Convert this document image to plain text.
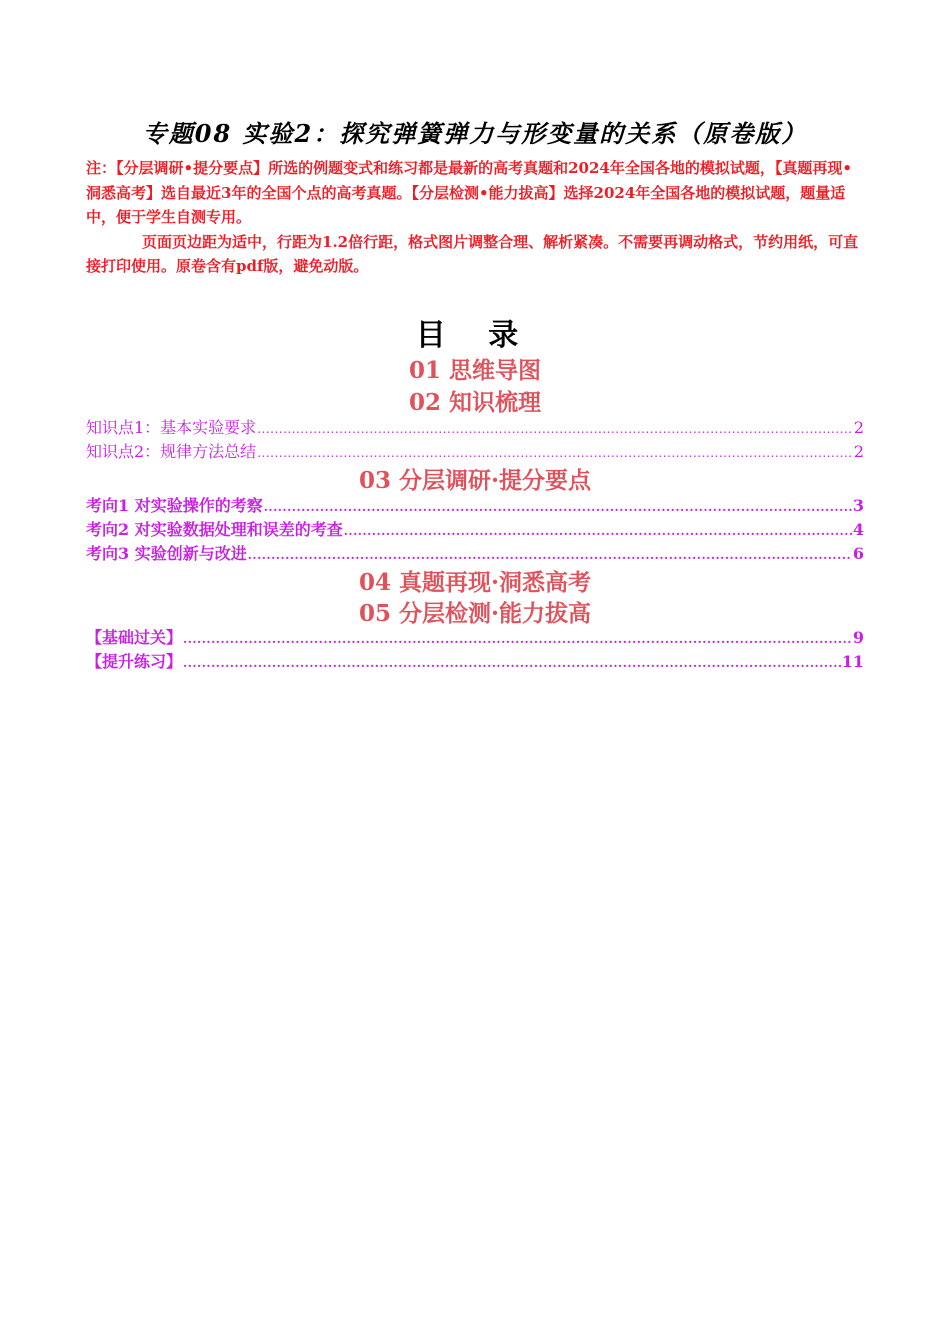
专题08 实验2：探究弹簧弹力与形变量的关系（原卷版）

注：【分层调研•提分要点】所选的例题变式和练习都是最新的高考真题和2024年全国各地的模拟试题，【真题再现•洞悉高考】选自最近3年的全国个点的高考真题。【分层检测•能力拔高】选择2024年全国各地的模拟试题，题量适中，便于学生自测专用。

页面页边距为适中，行距为1.2倍行距，格式图片调整合理、解析紧凑。不需要再调动格式，节约用纸，可直接打印使用。原卷含有pdf版，避免动版。

目 录
01 思维导图
02 知识梳理
知识点1：基本实验要求 .....	2
知识点2：规律方法总结 .....	2
03 分层调研·提分要点
考向1 对实验操作的考察 .....	3
考向2 对实验数据处理和误差的考查 .....	4
考向3 实验创新与改进 .....	6
04 真题再现·洞悉高考
05 分层检测·能力拔高
【基础过关】 .....	9
【提升练习】 .....	11
